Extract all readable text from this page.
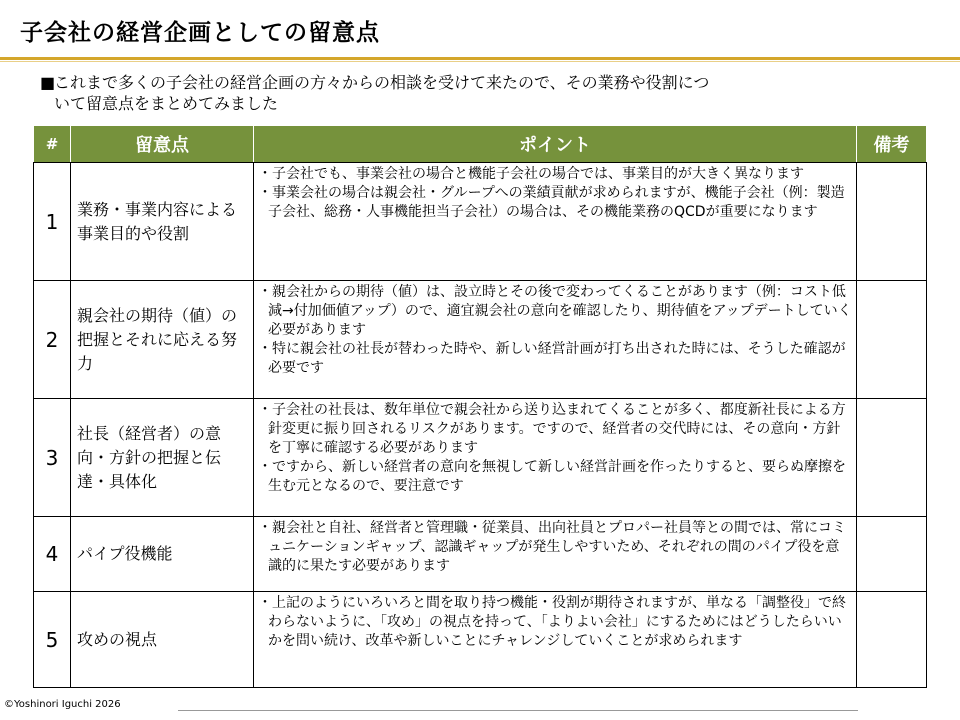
子会社の経営企画としての留意点
■これまで多くの子会社の経営企画の方々からの相談を受けて来たので、その業務や役割につ
いて留意点をまとめてみました
#	留意点	ポイント	備考
1	業務・事業内容による事業目的や役割	・子会社でも、事業会社の場合と機能子会社の場合では、事業目的が大きく異なります
・事業会社の場合は親会社・グループへの業績貢献が求められますが、機能子会社（例：製造子会社、総務・人事機能担当子会社）の場合は、その機能業務のQCDが重要になります	

2	親会社の期待（値）の把握とそれに応える努力	・親会社からの期待（値）は、設立時とその後で変わってくることがあります（例：コスト低減→付加価値アップ）ので、適宜親会社の意向を確認したり、期待値をアップデートしていく必要があります
・特に親会社の社長が替わった時や、新しい経営計画が打ち出された時には、そうした確認が必要です	

3	社長（経営者）の意向・方針の把握と伝達・具体化	・子会社の社長は、数年単位で親会社から送り込まれてくることが多く、都度新社長による方針変更に振り回されるリスクがあります。ですので、経営者の交代時には、その意向・方針を丁寧に確認する必要があります
・ですから、新しい経営者の意向を無視して新しい経営計画を作ったりすると、要らぬ摩擦を生む元となるので、要注意です	

4	パイプ役機能	・親会社と自社、経営者と管理職・従業員、出向社員とプロパー社員等との間では、常にコミュニケーションギャップ、認識ギャップが発生しやすいため、それぞれの間のパイプ役を意識的に果たす必要があります	

5	攻めの視点	・上記のようにいろいろと間を取り持つ機能・役割が期待されますが、単なる「調整役」で終わらないように、「攻め」の視点を持って、「よりよい会社」にするためにはどうしたらいいかを問い続け、改革や新しいことにチャレンジしていくことが求められます	

©Yoshinori Iguchi 2026
